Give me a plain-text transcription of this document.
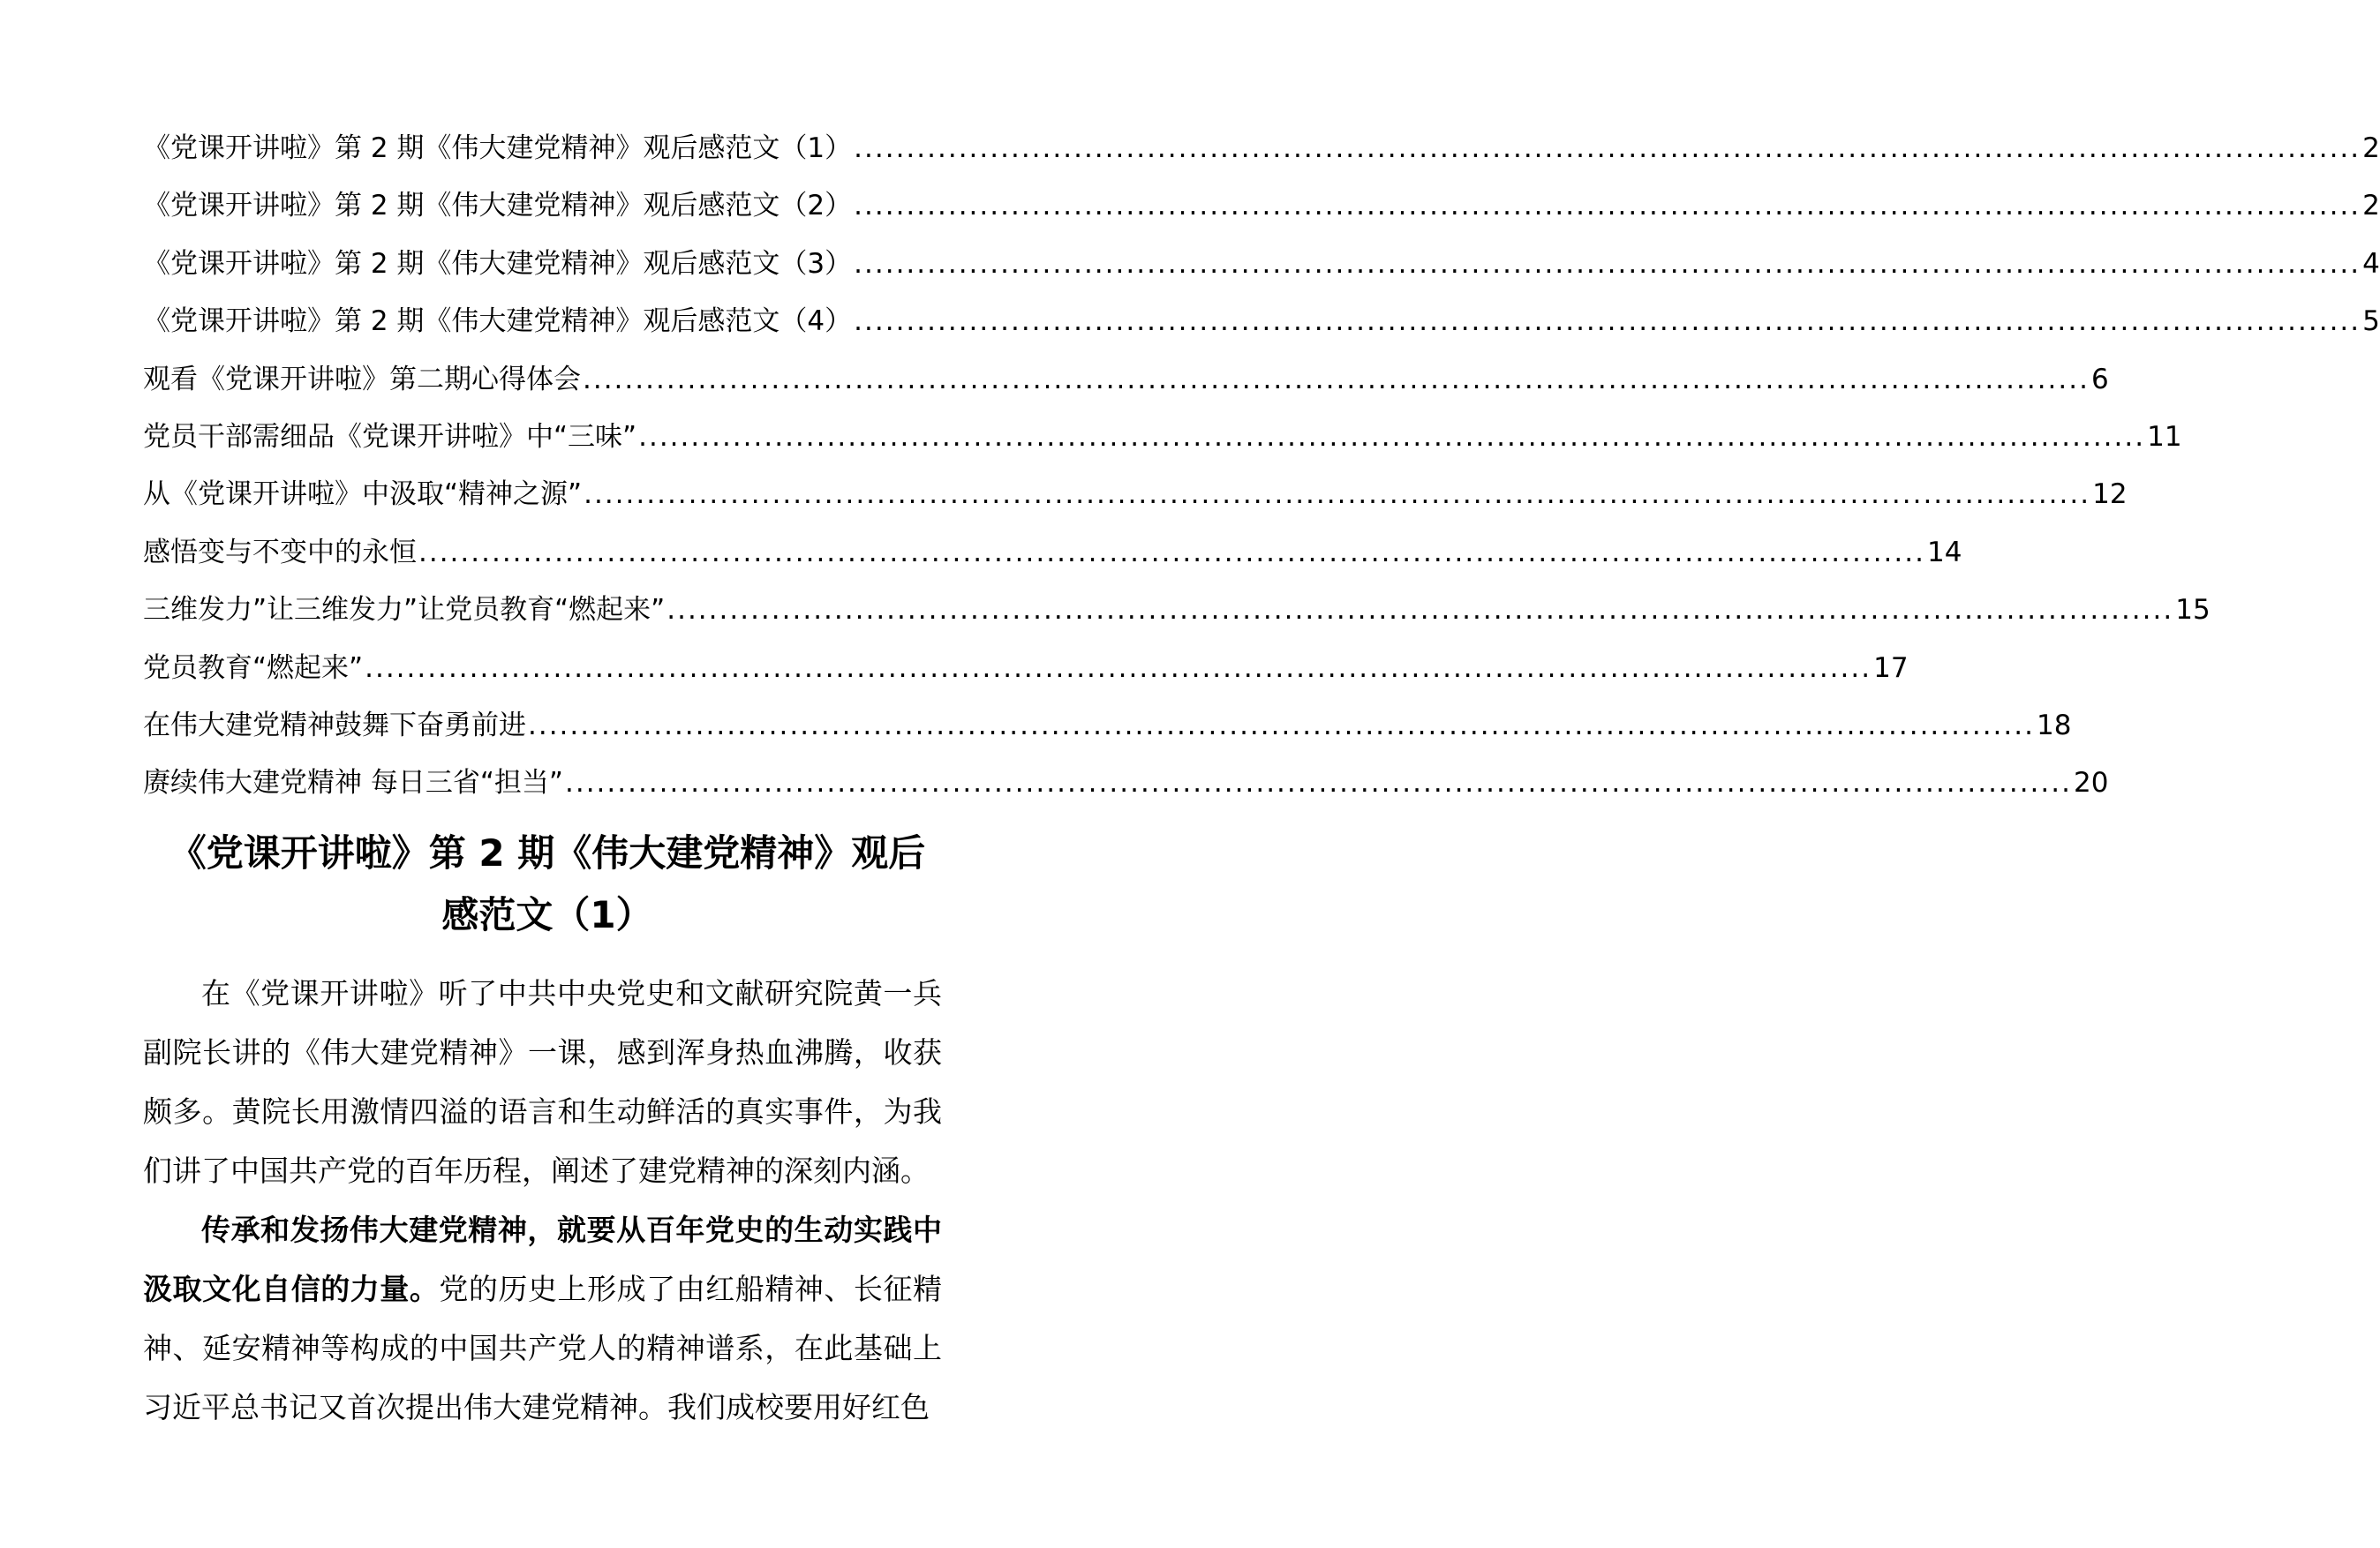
《党课开讲啦》第 2 期《伟大建党精神》观后感范文（1） ................................................................................................................................................ 2
《党课开讲啦》第 2 期《伟大建党精神》观后感范文（2） ................................................................................................................................................ 2
《党课开讲啦》第 2 期《伟大建党精神》观后感范文（3） ................................................................................................................................................ 4
《党课开讲啦》第 2 期《伟大建党精神》观后感范文（4） ................................................................................................................................................ 5
观看《党课开讲啦》第二期心得体会 ................................................................................................................................................ 6
党员干部需细品《党课开讲啦》中“三味” ................................................................................................................................................ 11
从《党课开讲啦》中汲取“精神之源” ................................................................................................................................................ 12
感悟变与不变中的永恒 ................................................................................................................................................ 14
三维发力”让三维发力”让党员教育“燃起来” ................................................................................................................................................ 15
党员教育“燃起来” ................................................................................................................................................ 17
在伟大建党精神鼓舞下奋勇前进 ................................................................................................................................................ 18
赓续伟大建党精神 每日三省“担当” ................................................................................................................................................ 20
《党课开讲啦》第 2 期《伟大建党精神》观后
感范文（1）

在《党课开讲啦》听了中共中央党史和文献研究院黄一兵副院长讲的《伟大建党精神》一课，感到浑身热血沸腾，收获颇多。黄院长用激情四溢的语言和生动鲜活的真实事件，为我们讲了中国共产党的百年历程，阐述了建党精神的深刻内涵。

传承和发扬伟大建党精神，就要从百年党史的生动实践中汲取文化自信的力量。党的历史上形成了由红船精神、长征精神、延安精神等构成的中国共产党人的精神谱系，在此基础上习近平总书记又首次提出伟大建党精神。我们成校要用好红色
